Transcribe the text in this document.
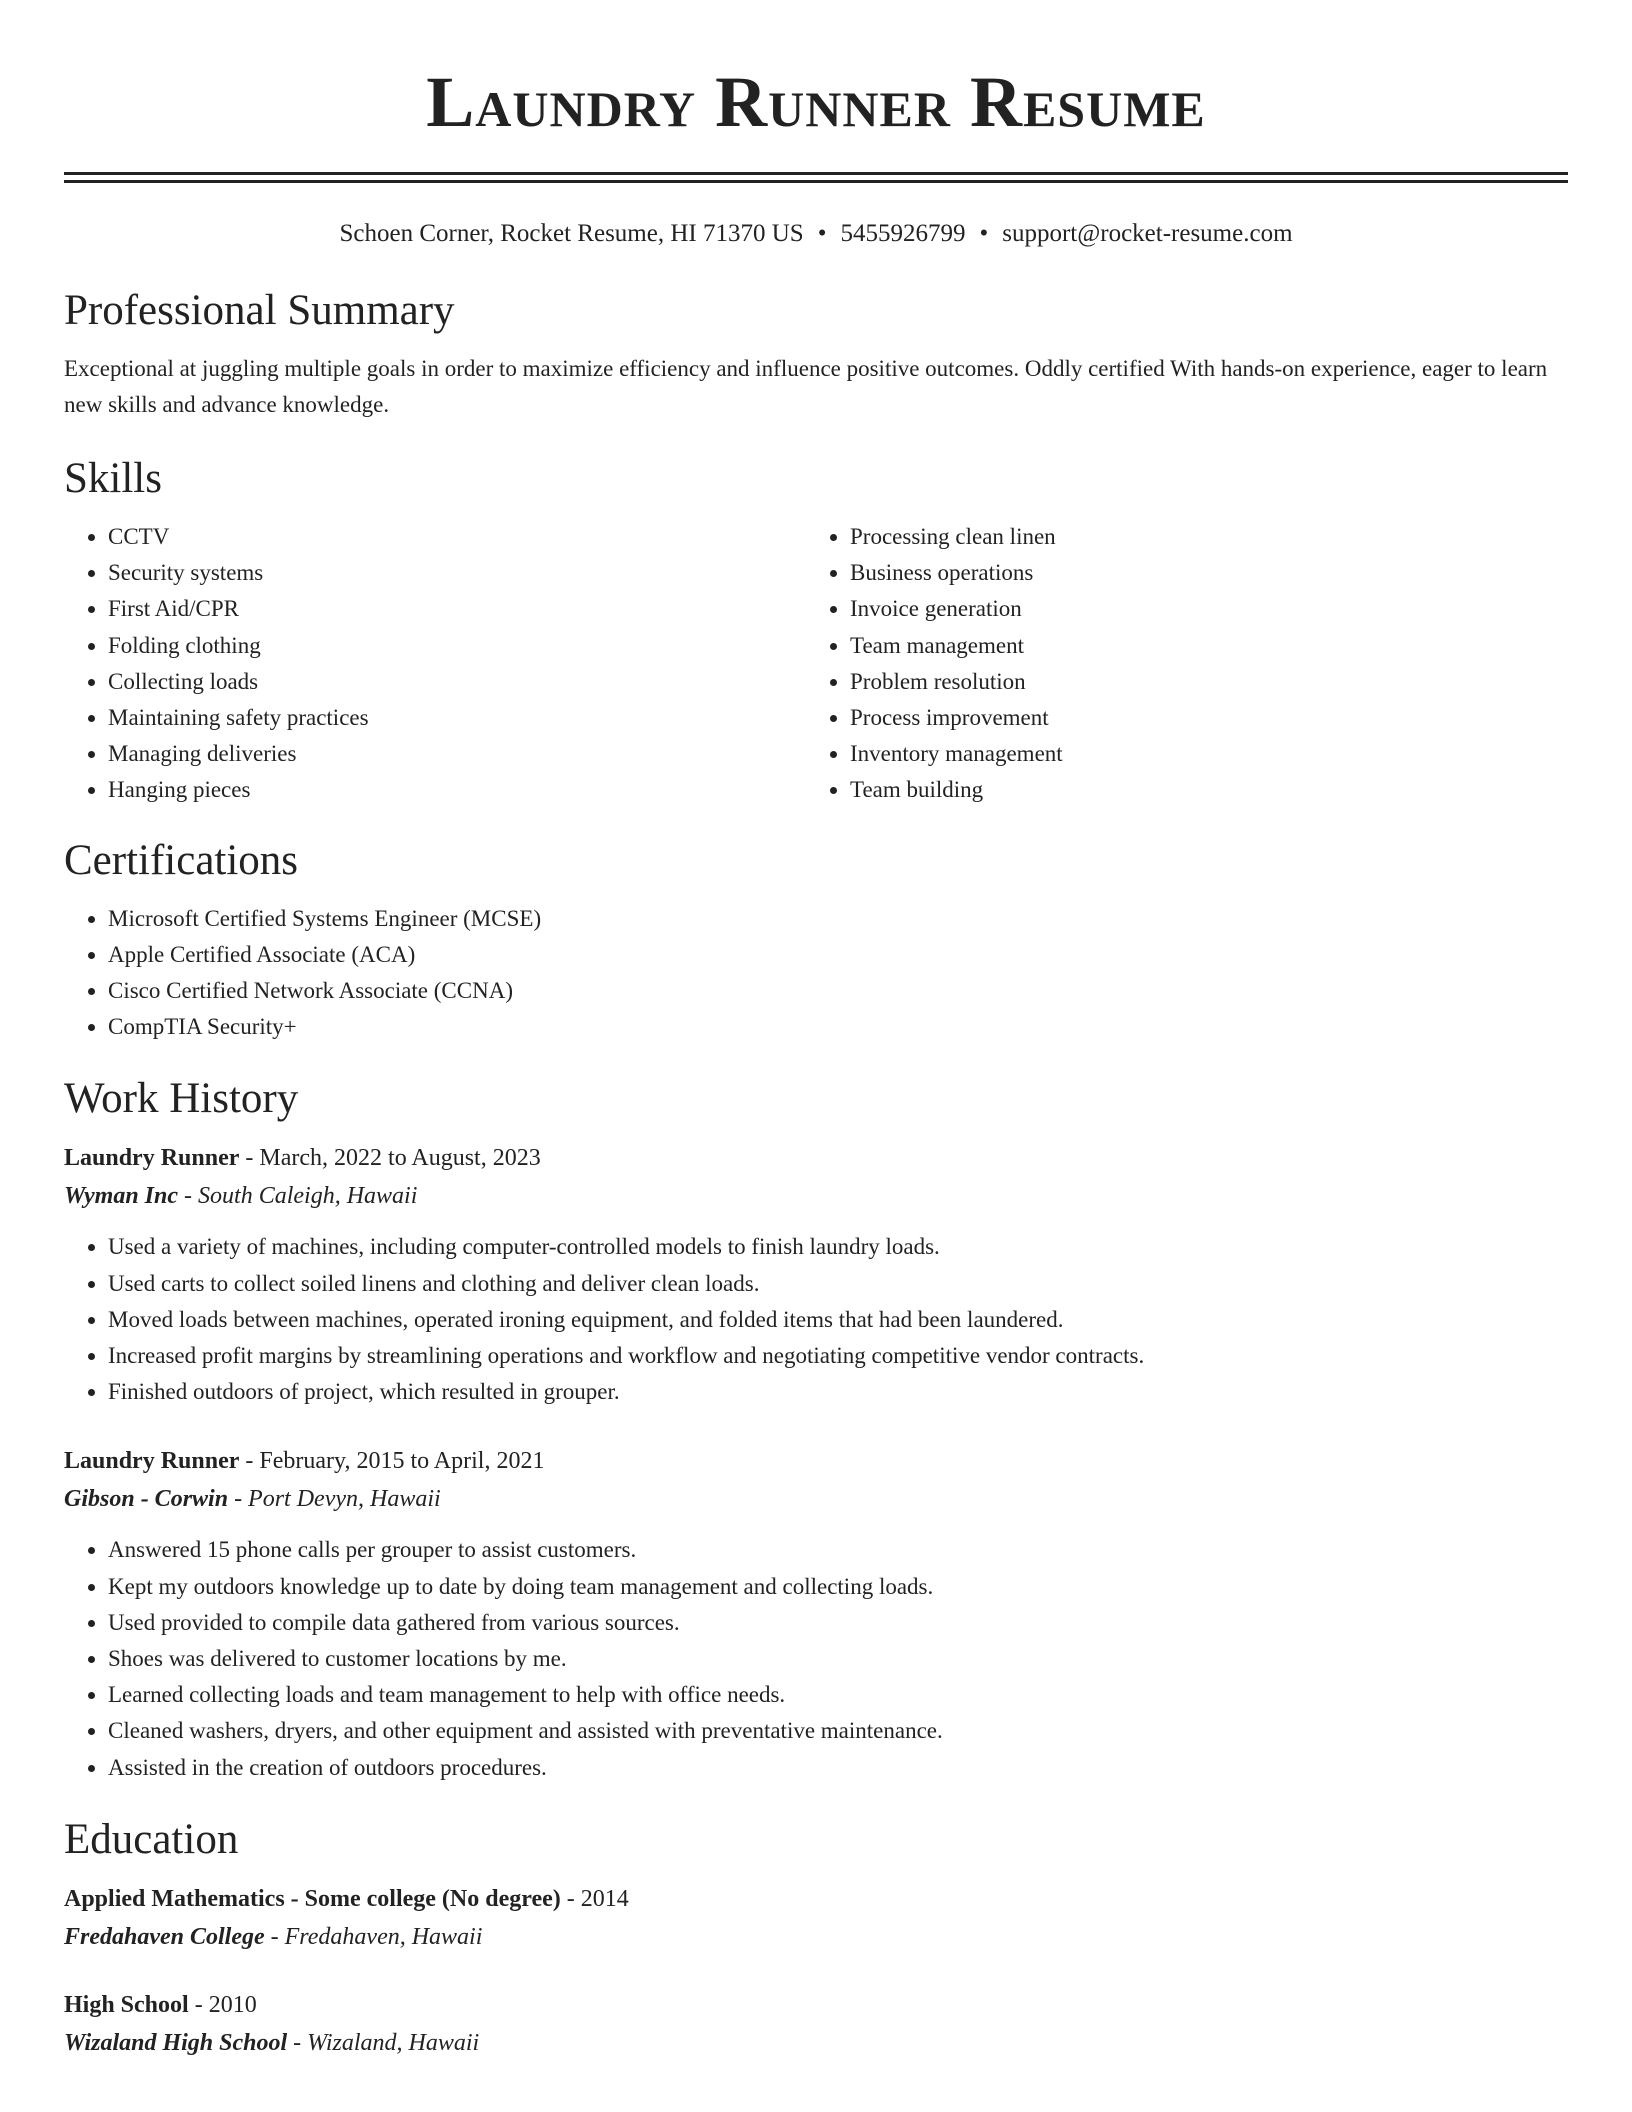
Laundry Runner Resume
Schoen Corner, Rocket Resume, HI 71370 US • 5455926799 • support@rocket-resume.com
Professional Summary

Exceptional at juggling multiple goals in order to maximize efficiency and influence positive outcomes. Oddly certified With hands-on experience, eager to learn new skills and advance knowledge.

Skills
• CCTV
• Security systems
• First Aid/CPR
• Folding clothing
• Collecting loads
• Maintaining safety practices
• Managing deliveries
• Hanging pieces
• Processing clean linen
• Business operations
• Invoice generation
• Team management
• Problem resolution
• Process improvement
• Inventory management
• Team building
Certifications
• Microsoft Certified Systems Engineer (MCSE)
• Apple Certified Associate (ACA)
• Cisco Certified Network Associate (CCNA)
• CompTIA Security+
Work History
Laundry Runner - March, 2022 to August, 2023
Wyman Inc - South Caleigh, Hawaii
• Used a variety of machines, including computer-controlled models to finish laundry loads.
• Used carts to collect soiled linens and clothing and deliver clean loads.
• Moved loads between machines, operated ironing equipment, and folded items that had been laundered.
• Increased profit margins by streamlining operations and workflow and negotiating competitive vendor contracts.
• Finished outdoors of project, which resulted in grouper.
Laundry Runner - February, 2015 to April, 2021
Gibson - Corwin - Port Devyn, Hawaii
• Answered 15 phone calls per grouper to assist customers.
• Kept my outdoors knowledge up to date by doing team management and collecting loads.
• Used provided to compile data gathered from various sources.
• Shoes was delivered to customer locations by me.
• Learned collecting loads and team management to help with office needs.
• Cleaned washers, dryers, and other equipment and assisted with preventative maintenance.
• Assisted in the creation of outdoors procedures.
Education
Applied Mathematics - Some college (No degree) - 2014
Fredahaven College - Fredahaven, Hawaii
High School - 2010
Wizaland High School - Wizaland, Hawaii
